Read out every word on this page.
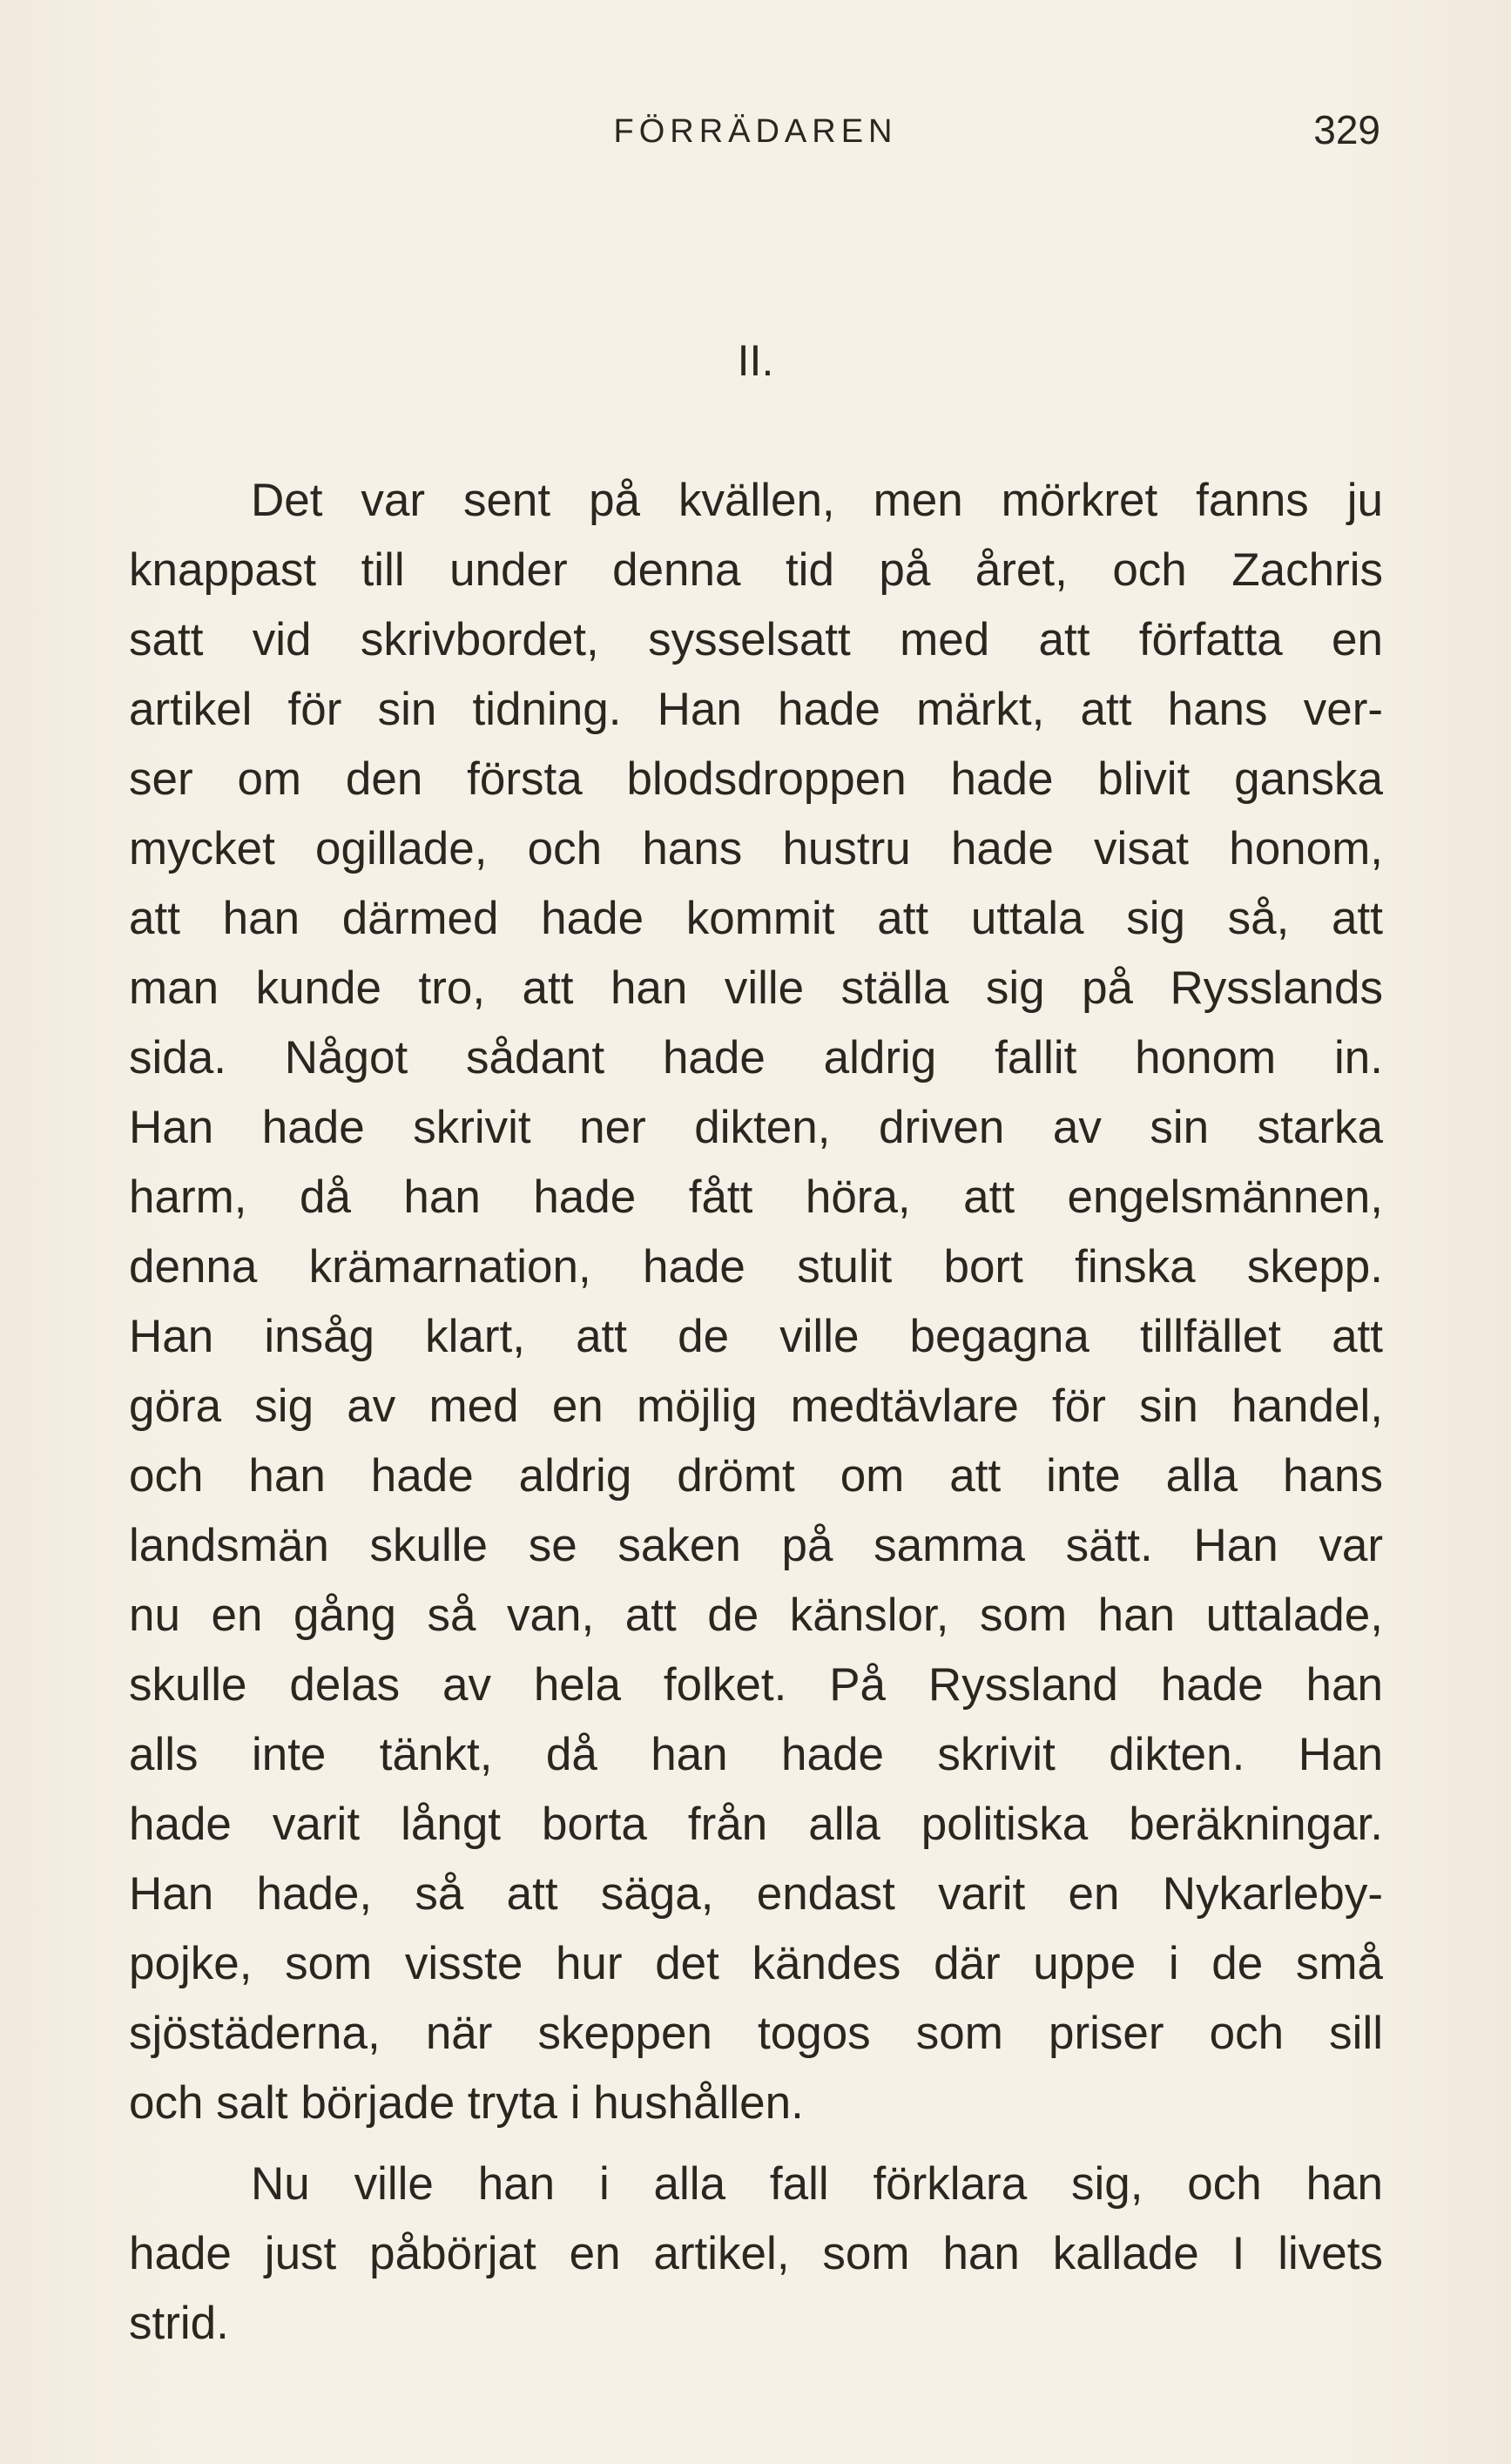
FÖRRÄDAREN	329
II.
Det var sent på kvällen, men mörkret fanns ju
knappast till under denna tid på året, och Zachris
satt vid skrivbordet, sysselsatt med att författa en
artikel för sin tidning. Han hade märkt, att hans ver-
ser om den första blodsdroppen hade blivit ganska
mycket ogillade, och hans hustru hade visat honom,
att han därmed hade kommit att uttala sig så, att
man kunde tro, att han ville ställa sig på Rysslands
sida. Något sådant hade aldrig fallit honom in.
Han hade skrivit ner dikten, driven av sin starka
harm, då han hade fått höra, att engelsmännen,
denna krämarnation, hade stulit bort finska skepp.
Han insåg klart, att de ville begagna tillfället att
göra sig av med en möjlig medtävlare för sin handel,
och han hade aldrig drömt om att inte alla hans
landsmän skulle se saken på samma sätt. Han var
nu en gång så van, att de känslor, som han uttalade,
skulle delas av hela folket. På Ryssland hade han
alls inte tänkt, då han hade skrivit dikten. Han
hade varit långt borta från alla politiska beräkningar.
Han hade, så att säga, endast varit en Nykarleby-
pojke, som visste hur det kändes där uppe i de små
sjöstäderna, när skeppen togos som priser och sill
och salt började tryta i hushållen.
Nu ville han i alla fall förklara sig, och han
hade just påbörjat en artikel, som han kallade I livets
strid.
